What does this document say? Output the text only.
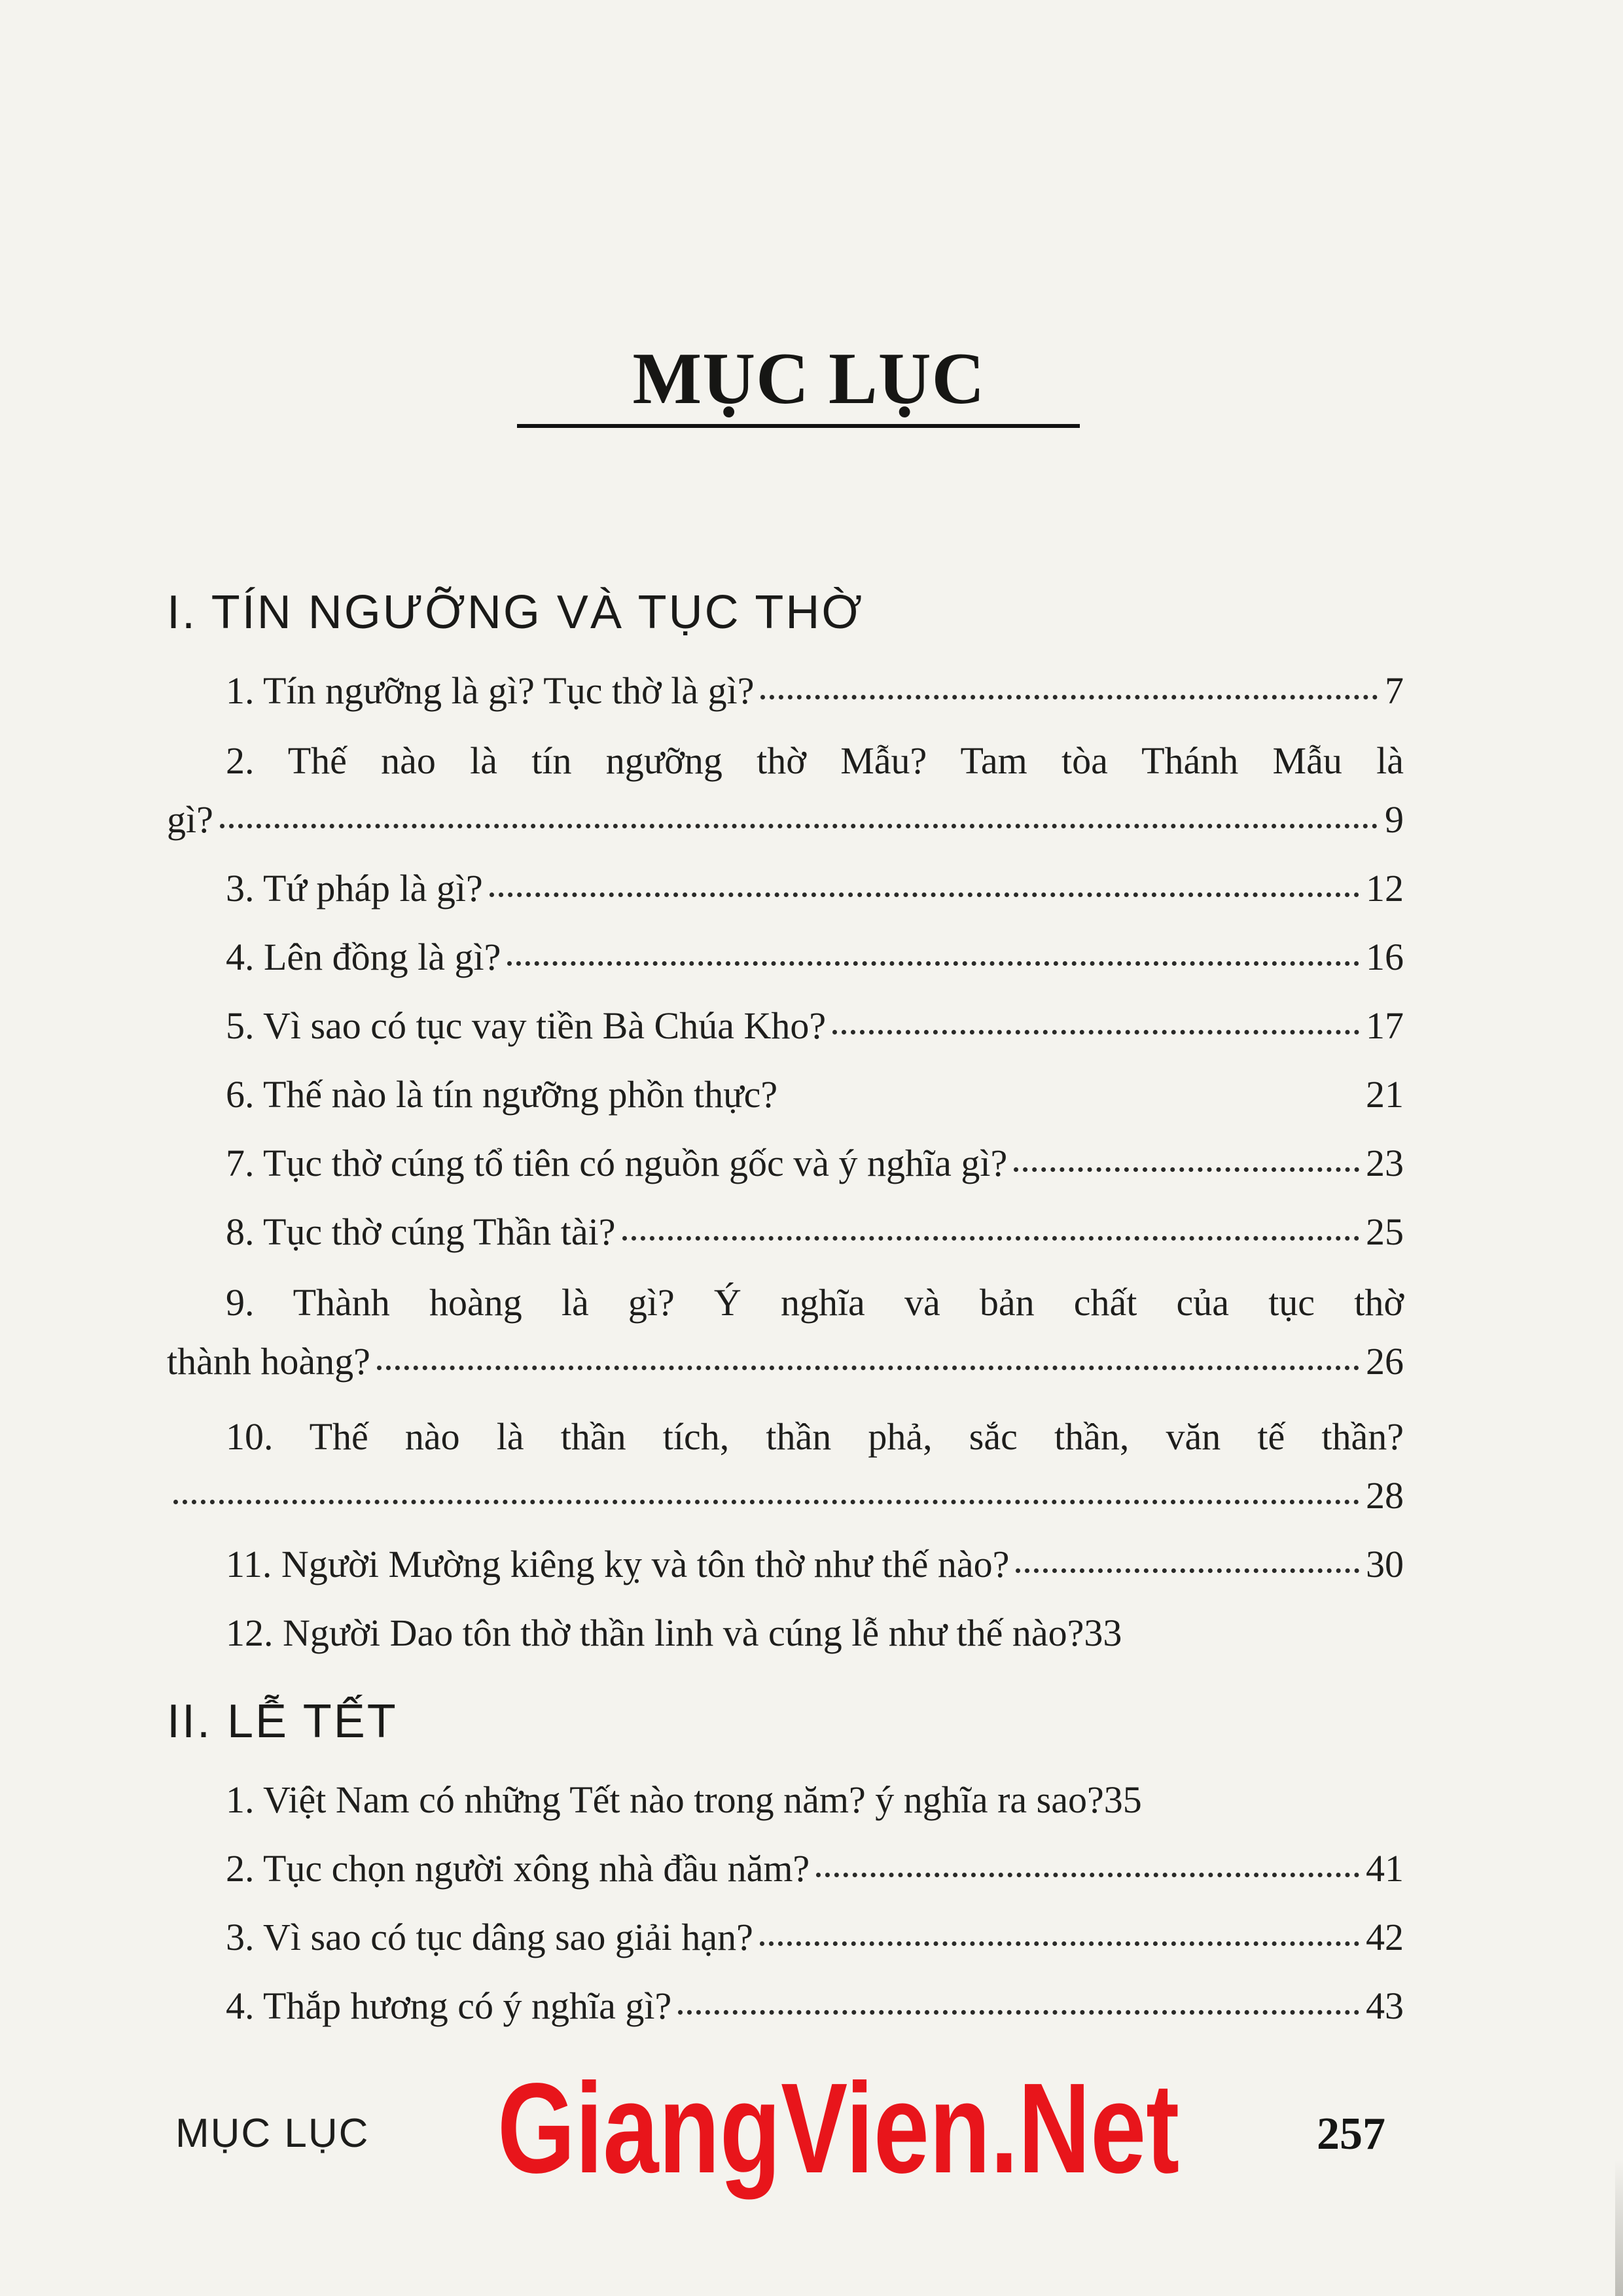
MỤC LỤC
I. TÍN NGƯỠNG VÀ TỤC THỜ
1. Tín ngưỡng là gì? Tục thờ là gì?	7
2. Thế nào là tín ngưỡng thờ Mẫu? Tam tòa Thánh Mẫu là
gì?	9
3. Tứ pháp là gì?	12
4. Lên đồng là gì?	16
5. Vì sao có tục vay tiền Bà Chúa Kho?	17
6. Thế nào là tín ngưỡng phồn thực?	21
7. Tục thờ cúng tổ tiên có nguồn gốc và ý nghĩa gì?	23
8. Tục thờ cúng Thần tài?	25
9. Thành hoàng là gì? Ý nghĩa và bản chất của tục thờ
thành hoàng?	26
10. Thế nào là thần tích, thần phả, sắc thần, văn tế thần?
28
11. Người Mường kiêng kỵ và tôn thờ như thế nào?	30
12. Người Dao tôn thờ thần linh và cúng lễ như thế nào? 33
II. LỄ TẾT
1. Việt Nam có những Tết nào trong năm? ý nghĩa ra sao? 35
2. Tục chọn người xông nhà đầu năm?	41
3. Vì sao có tục dâng sao giải hạn?	42
4. Thắp hương có ý nghĩa gì?	43
MỤC LỤC GiangVien.Net	257
